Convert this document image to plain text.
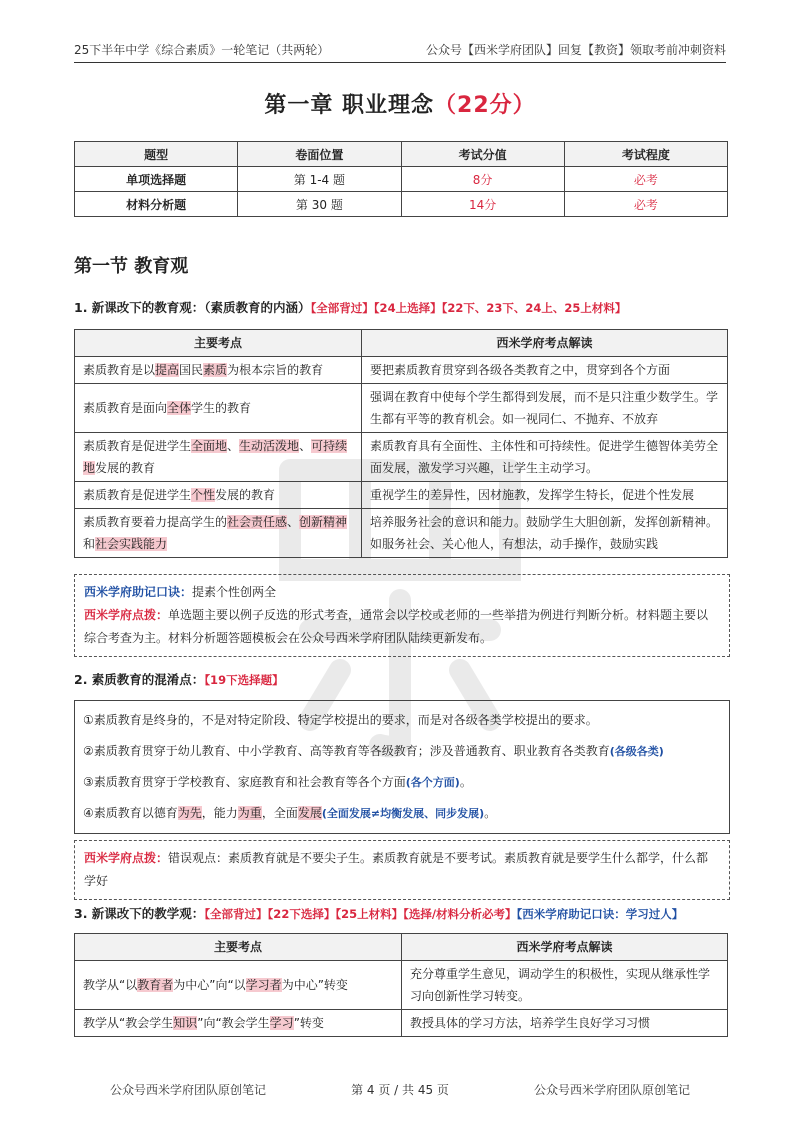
25下半年中学《综合素质》一轮笔记（共两轮）	公众号【西米学府团队】回复【教资】领取考前冲刺资料
第一章 职业理念（22分）
题型	卷面位置	考试分值	考试程度
单项选择题	第 1-4 题	8分	必考
材料分析题	第 30 题	14分	必考
第一节 教育观
1. 新课改下的教育观：（素质教育的内涵）【全部背过】【24上选择】【22下、23下、24上、25上材料】
主要考点	西米学府考点解读
素质教育是以提高国民素质为根本宗旨的教育	要把素质教育贯穿到各级各类教育之中，贯穿到各个方面
素质教育是面向全体学生的教育	强调在教育中使每个学生都得到发展，而不是只注重少数学生。学生都有平等的教育机会。如一视同仁、不抛弃、不放弃
素质教育是促进学生全面地、生动活泼地、可持续地发展的教育	素质教育具有全面性、主体性和可持续性。促进学生德智体美劳全面发展，激发学习兴趣，让学生主动学习。
素质教育是促进学生个性发展的教育	重视学生的差异性，因材施教，发挥学生特长，促进个性发展
素质教育要着力提高学生的社会责任感、创新精神和社会实践能力	培养服务社会的意识和能力。鼓励学生大胆创新，发挥创新精神。如服务社会、关心他人，有想法，动手操作，鼓励实践
西米学府助记口诀：提素个性创两全
西米学府点拨：单选题主要以例子反选的形式考查，通常会以学校或老师的一些举措为例进行判断分析。材料题主要以综合考查为主。材料分析题答题模板会在公众号西米学府团队陆续更新发布。
2. 素质教育的混淆点：【19下选择题】

①素质教育是终身的，不是对特定阶段、特定学校提出的要求，而是对各级各类学校提出的要求。

②素质教育贯穿于幼儿教育、中小学教育、高等教育等各级教育；涉及普通教育、职业教育各类教育(各级各类)

③素质教育贯穿于学校教育、家庭教育和社会教育等各个方面(各个方面)。

④素质教育以德育为先，能力为重，全面发展(全面发展≠均衡发展、同步发展)。

西米学府点拨：错误观点：素质教育就是不要尖子生。素质教育就是不要考试。素质教育就是要学生什么都学，什么都学好
3. 新课改下的教学观：【全部背过】【22下选择】【25上材料】【选择/材料分析必考】【西米学府助记口诀：学习过人】
主要考点	西米学府考点解读
教学从“以教育者为中心”向“以学习者为中心”转变	充分尊重学生意见，调动学生的积极性，实现从继承性学习向创新性学习转变。
教学从“教会学生知识”向“教会学生学习”转变	教授具体的学习方法，培养学生良好学习习惯
公众号西米学府团队原创笔记	第 4 页 / 共 45 页	公众号西米学府团队原创笔记
